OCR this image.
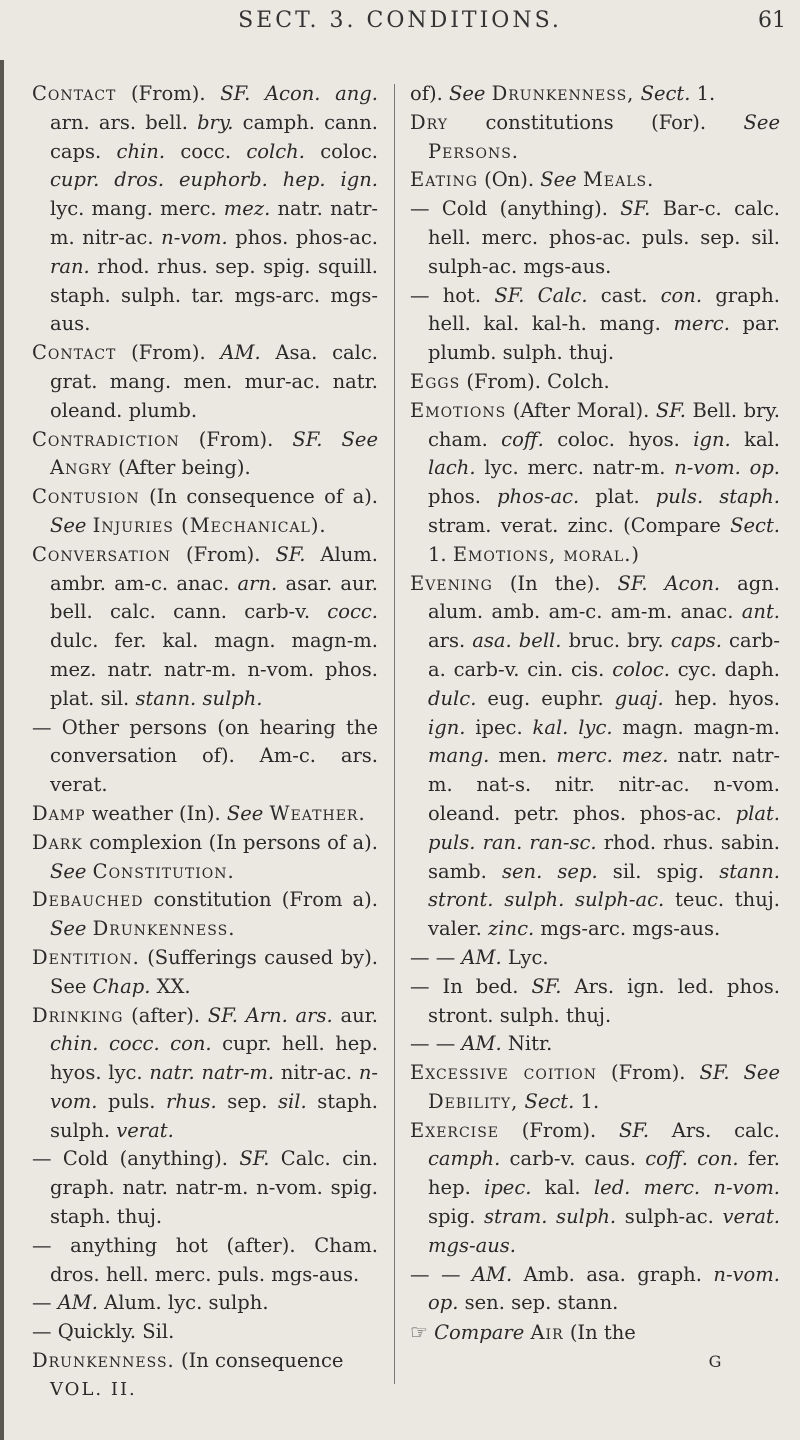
SECT. 3. CONDITIONS.	61

Contact (From). SF. Acon. ang. arn. ars. bell. bry. camph. cann. caps. chin. cocc. colch. coloc. cupr. dros. euphorb. hep. ign. lyc. mang. merc. mez. natr. natr-m. nitr-ac. n-vom. phos. phos-ac. ran. rhod. rhus. sep. spig. squill. staph. sulph. tar. mgs-arc. mgs-aus.

Contact (From). AM. Asa. calc. grat. mang. men. mur-ac. natr. oleand. plumb.

Contradiction (From). SF. See Angry (After being).

Contusion (In consequence of a). See Injuries (Mechanical).

Conversation (From). SF. Alum. ambr. am-c. anac. arn. asar. aur. bell. calc. cann. carb-v. cocc. dulc. fer. kal. magn. magn-m. mez. natr. natr-m. n-vom. phos. plat. sil. stann. sulph.

— Other persons (on hearing the conversation of). Am-c. ars. verat.

Damp weather (In). See Weather.

Dark complexion (In persons of a). See Constitution.

Debauched constitution (From a). See Drunkenness.

Dentition. (Sufferings caused by). See Chap. XX.

Drinking (after). SF. Arn. ars. aur. chin. cocc. con. cupr. hell. hep. hyos. lyc. natr. natr-m. nitr-ac. n-vom. puls. rhus. sep. sil. staph. sulph. verat.

— Cold (anything). SF. Calc. cin. graph. natr. natr-m. n-vom. spig. staph. thuj.

— anything hot (after). Cham. dros. hell. merc. puls. mgs-aus.

— AM. Alum. lyc. sulph.

— Quickly. Sil.

Drunkenness. (In consequence

VOL. II.

of). See Drunkenness, Sect. 1.

Dry constitutions (For). See Persons.

Eating (On). See Meals.

— Cold (anything). SF. Bar-c. calc. hell. merc. phos-ac. puls. sep. sil. sulph-ac. mgs-aus.

— hot. SF. Calc. cast. con. graph. hell. kal. kal-h. mang. merc. par. plumb. sulph. thuj.

Eggs (From). Colch.

Emotions (After Moral). SF. Bell. bry. cham. coff. coloc. hyos. ign. kal. lach. lyc. merc. natr-m. n-vom. op. phos. phos-ac. plat. puls. staph. stram. verat. zinc. (Compare Sect. 1. Emotions, moral.)

Evening (In the). SF. Acon. agn. alum. amb. am-c. am-m. anac. ant. ars. asa. bell. bruc. bry. caps. carb-a. carb-v. cin. cis. coloc. cyc. daph. dulc. eug. euphr. guaj. hep. hyos. ign. ipec. kal. lyc. magn. magn-m. mang. men. merc. mez. natr. natr-m. nat-s. nitr. nitr-ac. n-vom. oleand. petr. phos. phos-ac. plat. puls. ran. ran-sc. rhod. rhus. sabin. samb. sen. sep. sil. spig. stann. stront. sulph. sulph-ac. teuc. thuj. valer. zinc. mgs-arc. mgs-aus.

— — AM. Lyc.

— In bed. SF. Ars. ign. led. phos. stront. sulph. thuj.

— — AM. Nitr.

Excessive coition (From). SF. See Debility, Sect. 1.

Exercise (From). SF. Ars. calc. camph. carb-v. caus. coff. con. fer. hep. ipec. kal. led. merc. n-vom. spig. stram. sulph. sulph-ac. verat. mgs-aus.

— — AM. Amb. asa. graph. n-vom. op. sen. sep. stann.

☞ Compare Air (In the

G
